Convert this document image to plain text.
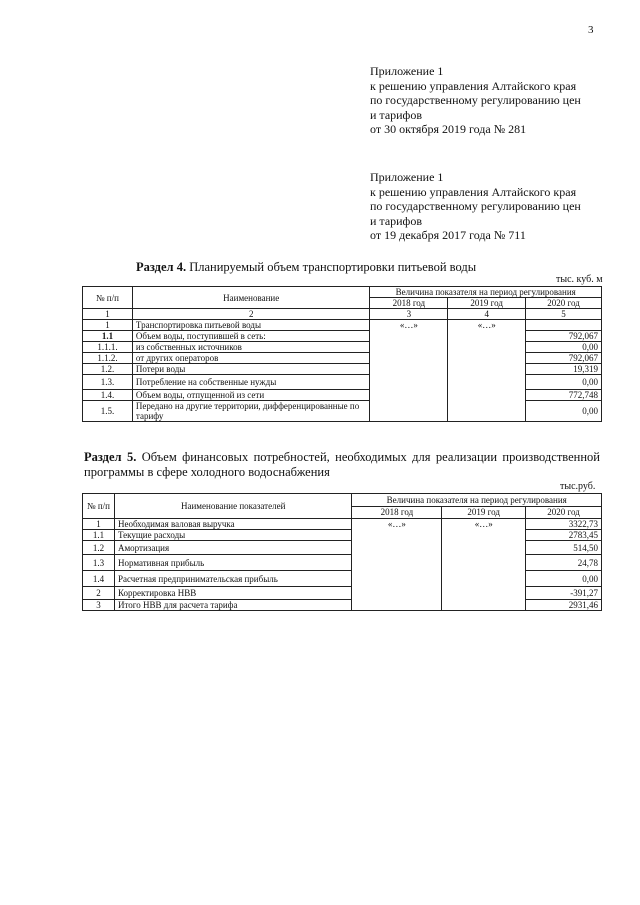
3
Приложение 1
к решению управления Алтайского края
по государственному регулированию цен
и тарифов
от 30 октября 2019 года № 281
Приложение 1
к решению управления Алтайского края
по государственному регулированию цен
и тарифов
от 19 декабря 2017 года № 711
Раздел 4. Планируемый объем транспортировки питьевой воды
тыс. куб. м
№ п/п	Наименование	Величина показателя на период регулирования		
		2018 год	2019 год	2020 год
1	2	3	4	5
1	Транспортировка питьевой воды	«…»	«…»	
1.1	Объем воды, поступившей в сеть:			792,067
1.1.1.	из собственных источников			0,00
1.1.2.	от других операторов			792,067
1.2.	Потери воды			19,319
1.3.	Потребление на собственные нужды			0,00
1.4.	Объем воды, отпущенной из сети			772,748
1.5.	Передано на другие территории, дифференцированные по тарифу			0,00
Раздел 5. Объем финансовых потребностей, необходимых для реализации производственной программы в сфере холодного водоснабжения
тыс.руб.
№ п/п	Наименование показателей	Величина показателя на период регулирования		
		2018 год	2019 год	2020 год
1	Необходимая валовая выручка	«…»	«…»	3322,73
1.1	Текущие расходы			2783,45
1.2	Амортизация			514,50
1.3	Нормативная прибыль			24,78
1.4	Расчетная предпринимательская прибыль			0,00
2	Корректировка НВВ			-391,27
3	Итого НВВ для расчета тарифа			2931,46
